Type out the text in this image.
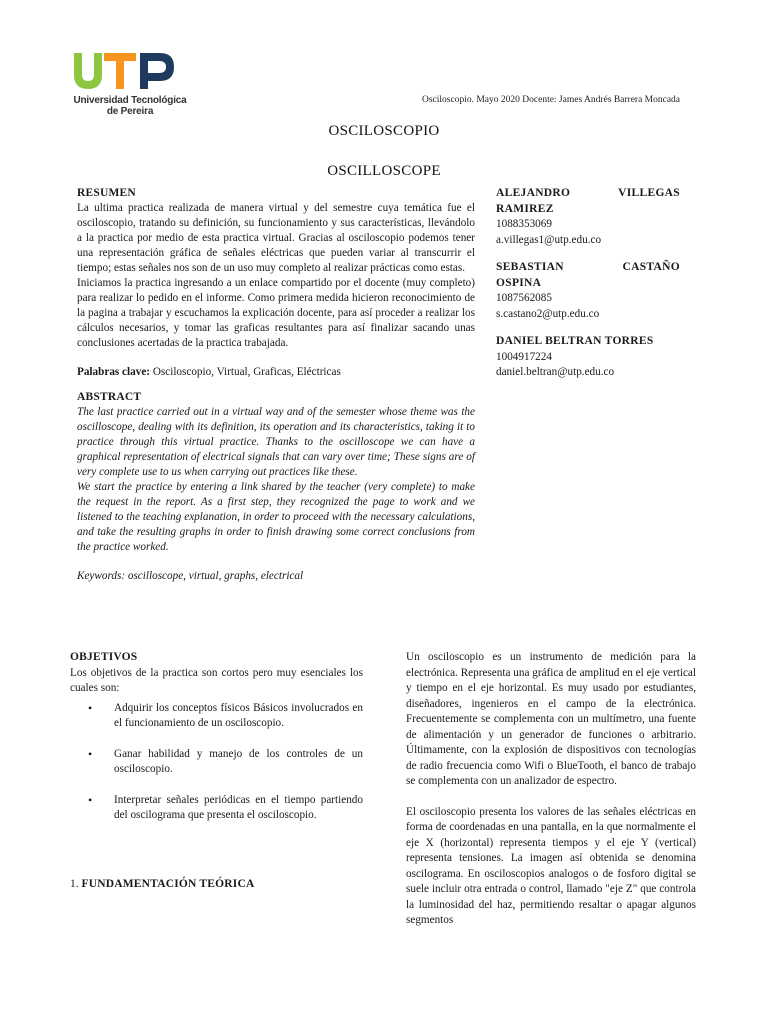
Universidad Tecnológica
de Pereira
Osciloscopio. Mayo 2020 Docente: James Andrés Barrera Moncada
OSCILOSCOPIO
OSCILLOSCOPE
RESUMEN

La ultima practica realizada de manera virtual y del semestre cuya temática fue el osciloscopio, tratando su definición, su funcionamiento y sus características, llevándolo a la practica por medio de esta practica virtual. Gracias al osciloscopio podemos tener una representación gráfica de señales eléctricas que pueden variar al transcurrir el tiempo; estas señales nos son de un uso muy completo al realizar prácticas como estas.

Iniciamos la practica ingresando a un enlace compartido por el docente (muy completo) para realizar lo pedido en el informe. Como primera medida hicieron reconocimiento de la pagina a trabajar y escuchamos la explicación docente, para así proceder a realizar los cálculos necesarios, y tomar las graficas resultantes para así finalizar sacando unas conclusiones acertadas de la practica trabajada.

Palabras clave: Osciloscopio, Virtual, Graficas, Eléctricas

ABSTRACT

The last practice carried out in a virtual way and of the semester whose theme was the oscilloscope, dealing with its definition, its operation and its characteristics, taking it to practice through this virtual practice. Thanks to the oscilloscope we can have a graphical representation of electrical signals that can vary over time; These signs are of very complete use to us when carrying out practices like these.

We start the practice by entering a link shared by the teacher (very complete) to make the request in the report. As a first step, they recognized the page to work and we listened to the teaching explanation, in order to proceed with the necessary calculations, and take the resulting graphs in order to finish drawing some correct conclusions from the practice worked.

Keywords: oscilloscope, virtual, graphs, electrical

ALEJANDRO VILLEGAS
RAMIREZ
1088353069
a.villegas1@utp.edu.co
SEBASTIAN CASTAÑO
OSPINA
1087562085
s.castano2@utp.edu.co
DANIEL BELTRAN TORRES
1004917224
daniel.beltran@utp.edu.co
OBJETIVOS

Los objetivos de la practica son cortos pero muy esenciales los cuales son:

• Adquirir los conceptos físicos Básicos involucrados en el funcionamiento de un osciloscopio.
• Ganar habilidad y manejo de los controles de un osciloscopio.
• Interpretar señales periódicas en el tiempo partiendo del oscilograma que presenta el osciloscopio.
1. FUNDAMENTACIÓN TEÓRICA

Un osciloscopio es un instrumento de medición para la electrónica. Representa una gráfica de amplitud en el eje vertical y tiempo en el eje horizontal. Es muy usado por estudiantes, diseñadores, ingenieros en el campo de la electrónica. Frecuentemente se complementa con un multímetro, una fuente de alimentación y un generador de funciones o arbitrario. Últimamente, con la explosión de dispositivos con tecnologías de radio frecuencia como Wifi o BlueTooth, el banco de trabajo se complementa con un analizador de espectro.

El osciloscopio presenta los valores de las señales eléctricas en forma de coordenadas en una pantalla, en la que normalmente el eje X (horizontal) representa tiempos y el eje Y (vertical) representa tensiones. La imagen así obtenida se denomina oscilograma. En osciloscopios analogos o de fosforo digital se suele incluir otra entrada o control, llamado "eje Z" que controla la luminosidad del haz, permitiendo resaltar o apagar algunos segmentos
